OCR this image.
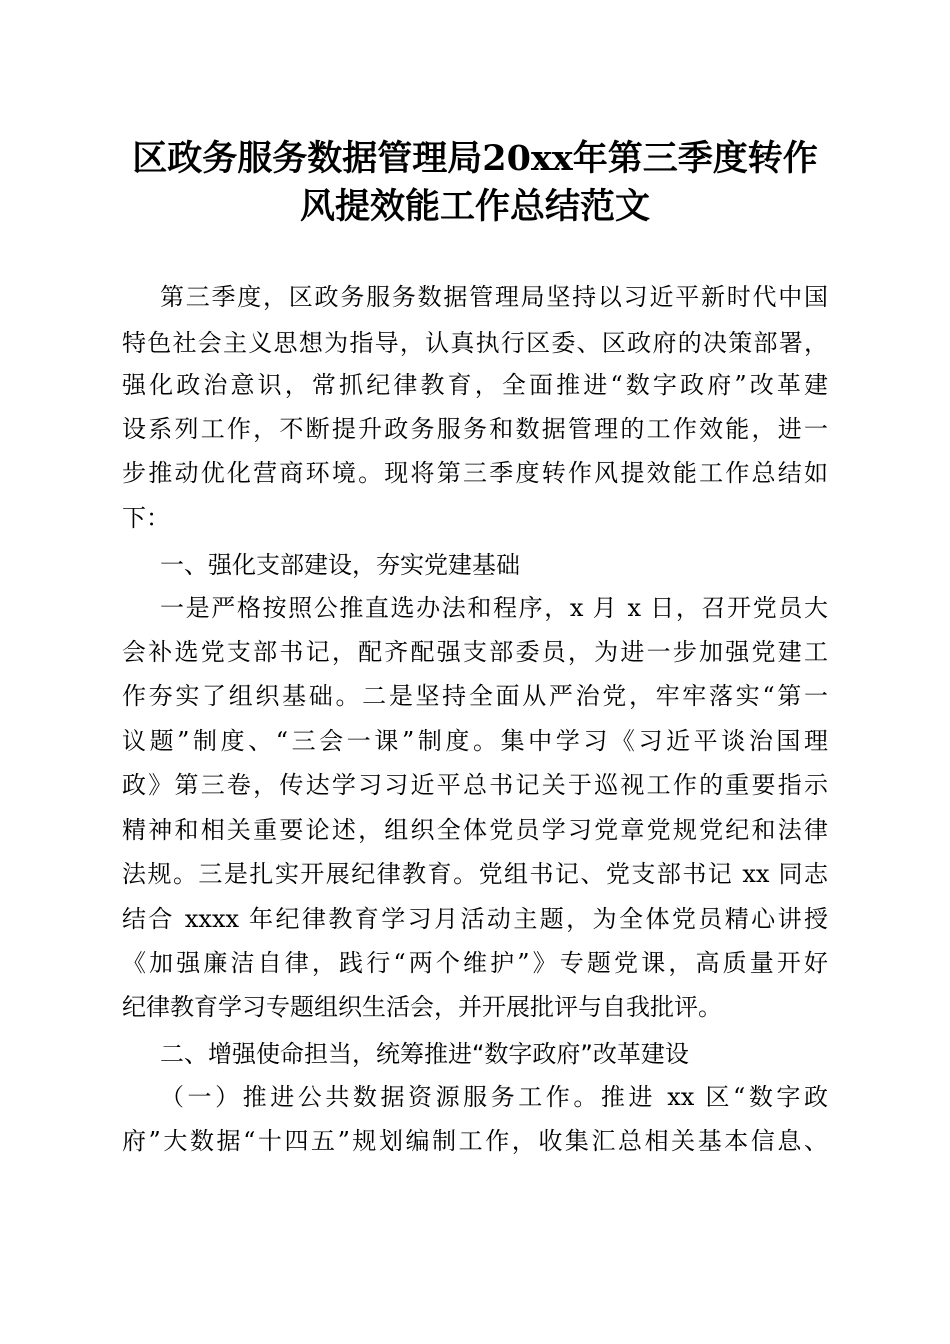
区政务服务数据管理局20xx年第三季度转作
风提效能工作总结范文

第三季度，区政务服务数据管理局坚持以习近平新时代中国

特色社会主义思想为指导，认真执行区委、区政府的决策部署，

强化政治意识，常抓纪律教育，全面推进“数字政府”改革建

设系列工作，不断提升政务服务和数据管理的工作效能，进一

步推动优化营商环境。现将第三季度转作风提效能工作总结如

下：

一、强化支部建设，夯实党建基础

一是严格按照公推直选办法和程序，x 月 x 日，召开党员大

会补选党支部书记，配齐配强支部委员，为进一步加强党建工

作夯实了组织基础。二是坚持全面从严治党，牢牢落实“第一

议题”制度、“三会一课”制度。集中学习《习近平谈治国理

政》第三卷，传达学习习近平总书记关于巡视工作的重要指示

精神和相关重要论述，组织全体党员学习党章党规党纪和法律

法规。三是扎实开展纪律教育。党组书记、党支部书记 xx 同志

结合 xxxx 年纪律教育学习月活动主题，为全体党员精心讲授

《加强廉洁自律，践行“两个维护”》专题党课，高质量开好

纪律教育学习专题组织生活会，并开展批评与自我批评。

二、增强使命担当，统筹推进“数字政府”改革建设

（一）推进公共数据资源服务工作。推进 xx 区“数字政

府”大数据“十四五”规划编制工作，收集汇总相关基本信息、
